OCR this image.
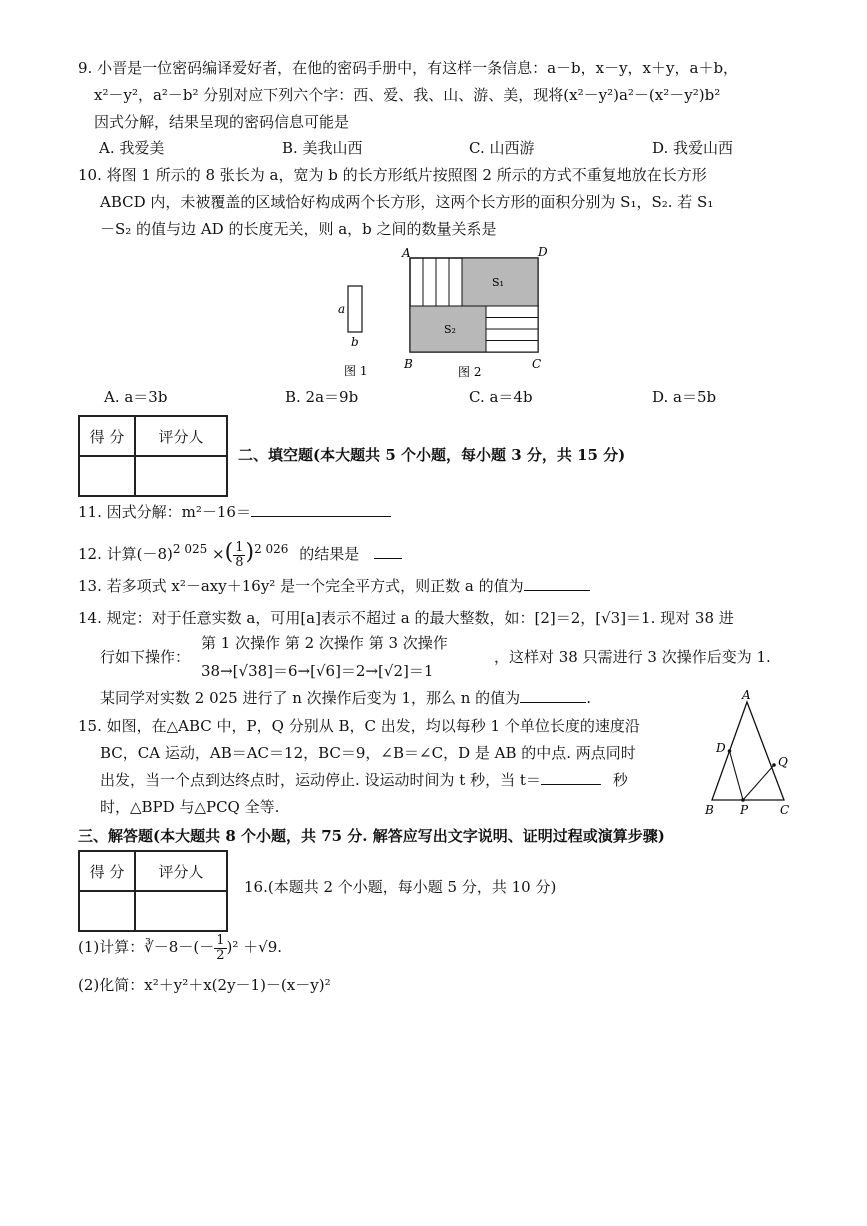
9. 小晋是一位密码编译爱好者，在他的密码手册中，有这样一条信息：a－b，x－y，x＋y，a＋b，
x²－y²，a²－b² 分别对应下列六个字：西、爱、我、山、游、美，现将(x²－y²)a²－(x²－y²)b²
因式分解，结果呈现的密码信息可能是
A. 我爱美	B. 美我山西	C. 山西游	D. 我爱山西
10. 将图 1 所示的 8 张长为 a，宽为 b 的长方形纸片按照图 2 所示的方式不重复地放在长方形
ABCD 内，未被覆盖的区域恰好构成两个长方形，这两个长方形的面积分别为 S₁，S₂. 若 S₁
－S₂ 的值与边 AD 的长度无关，则 a，b 之间的数量关系是
a
b
图 1
A	D
B	C
S₁
S₂
图 2
A. a＝3b	B. 2a＝9b	C. a＝4b	D. a＝5b
得 分	评分人

二、填空题(本大题共 5 个小题，每小题 3 分，共 15 分)
11. 因式分解：m²－16＝
12. 计算$(-8)^{2 025}$ ×( $\frac{1}{8} )^{2 026}$ 的结果是
13. 若多项式 x²－axy＋16y² 是一个完全平方式，则正数 a 的值为
14. 规定：对于任意实数 a，可用[a]表示不超过 a 的最大整数，如：[2]＝2，[√3]＝1. 现对 38 进
第 1 次操作 第 2 次操作 第 3 次操作
行如下操作：
38→[√38]＝6→[√6]＝2→[√2]＝1
，这样对 38 只需进行 3 次操作后变为 1.
某同学对实数 2 025 进行了 n 次操作后变为 1，那么 n 的值为	.
15. 如图，在△ABC 中，P，Q 分别从 B，C 出发，均以每秒 1 个单位长度的速度沿
BC，CA 运动，AB＝AC＝12，BC＝9，∠B＝∠C，D 是 AB 的中点. 两点同时
出发，当一个点到达终点时，运动停止. 设运动时间为 t 秒，当 t＝	秒
时，△BPD 与△PCQ 全等.
A
D
Q
B P	C
三、解答题(本大题共 8 个小题，共 75 分. 解答应写出文字说明、证明过程或演算步骤)
得 分	评分人

16.(本题共 2 个小题，每小题 5 分，共 10 分)
(1)计算：∛－8－(－ $\frac{1}{2} )^2 +√9$.
(2)化简：x²＋y²＋x(2y－1)－(x－y)²
